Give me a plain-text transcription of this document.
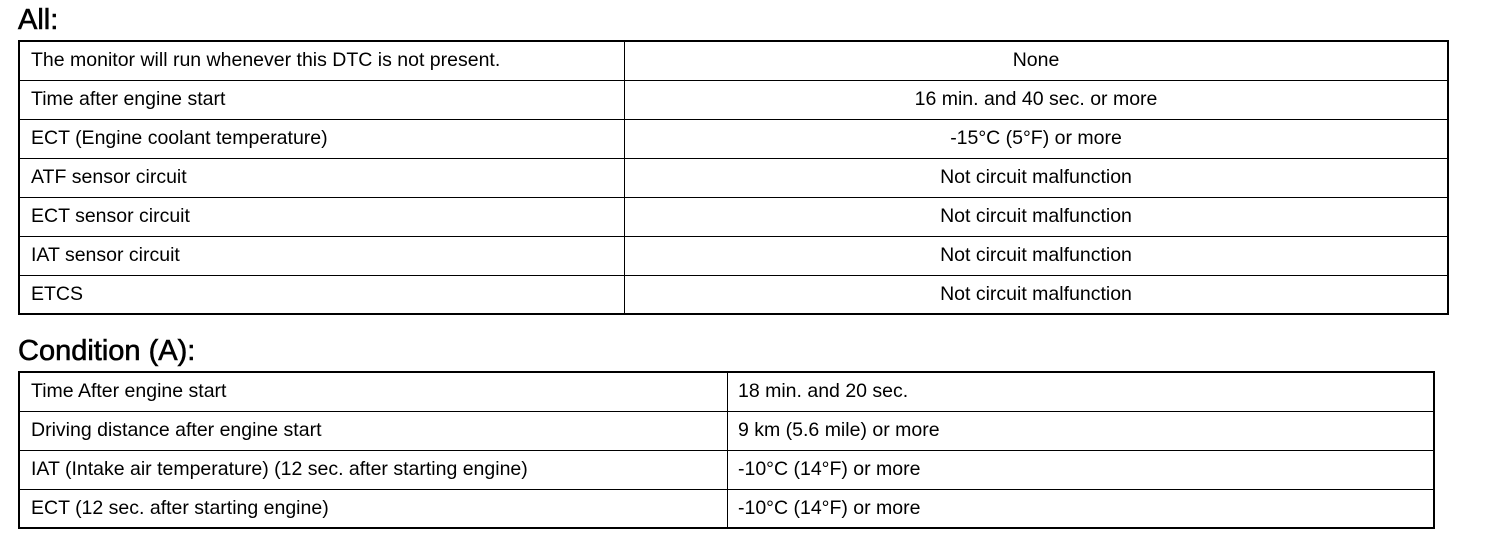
All:
The monitor will run whenever this DTC is not present.	None
Time after engine start	16 min. and 40 sec. or more
ECT (Engine coolant temperature)	-15°C (5°F) or more
ATF sensor circuit	Not circuit malfunction
ECT sensor circuit	Not circuit malfunction
IAT sensor circuit	Not circuit malfunction
ETCS	Not circuit malfunction
Condition (A):
Time After engine start	18 min. and 20 sec.
Driving distance after engine start	9 km (5.6 mile) or more
IAT (Intake air temperature) (12 sec. after starting engine)	-10°C (14°F) or more
ECT (12 sec. after starting engine)	-10°C (14°F) or more
